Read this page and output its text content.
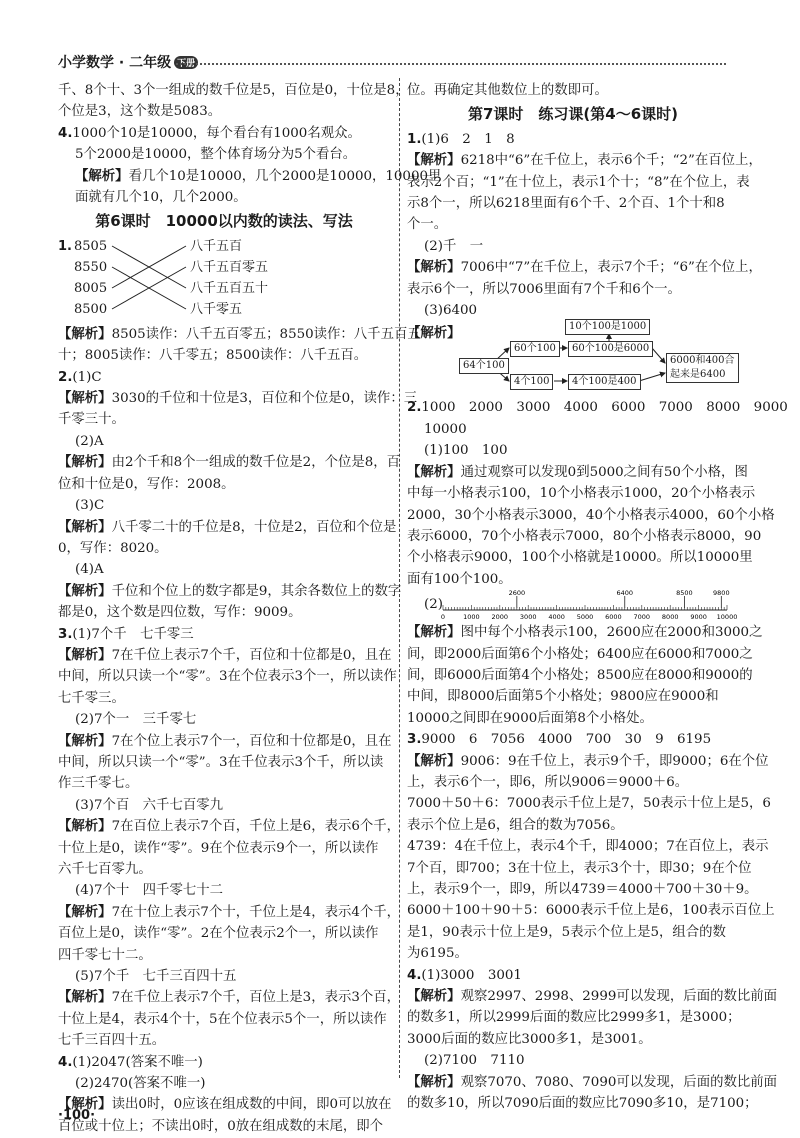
小学数学 · 二年级 下册
千、8个十、3个一组成的数千位是5，百位是0，十位是8，
个位是3，这个数是5083。
4.1000个10是10000，每个看台有1000名观众。
5个2000是10000，整个体育场分为5个看台。
【解析】看几个10是10000，几个2000是10000，10000里
面就有几个10，几个2000。
第6课时　10000以内数的读法、写法
1. 8505
8550
8005
8500
八千五百
八千五百零五
八千五百五十
八千零五
【解析】8505读作：八千五百零五；8550读作：八千五百五
十；8005读作：八千零五；8500读作：八千五百。
2.(1)C
【解析】3030的千位和十位是3，百位和个位是0，读作：三
千零三十。
(2)A
【解析】由2个千和8个一组成的数千位是2，个位是8，百
位和十位是0，写作：2008。
(3)C
【解析】八千零二十的千位是8，十位是2，百位和个位是
0，写作：8020。
(4)A
【解析】千位和个位上的数字都是9，其余各数位上的数字
都是0，这个数是四位数，写作：9009。
3.(1)7个千　七千零三
【解析】7在千位上表示7个千，百位和十位都是0，且在
中间，所以只读一个“零”。3在个位表示3个一，所以读作
七千零三。
(2)7个一　三千零七
【解析】7在个位上表示7个一，百位和十位都是0，且在
中间，所以只读一个“零”。3在千位表示3个千，所以读
作三千零七。
(3)7个百　六千七百零九
【解析】7在百位上表示7个百，千位上是6，表示6个千，
十位上是0，读作“零”。9在个位表示9个一，所以读作
六千七百零九。
(4)7个十　四千零七十二
【解析】7在十位上表示7个十，千位上是4，表示4个千，
百位上是0，读作“零”。2在个位表示2个一，所以读作
四千零七十二。
(5)7个千　七千三百四十五
【解析】7在千位上表示7个千，百位上是3，表示3个百，
十位上是4，表示4个十，5在个位表示5个一，所以读作
七千三百四十五。
4.(1)2047(答案不唯一)
(2)2470(答案不唯一)
【解析】读出0时，0应该在组成数的中间，即0可以放在
百位或十位上；不读出0时，0放在组成数的末尾，即个
位。再确定其他数位上的数即可。
第7课时　练习课(第4～6课时)
1.(1)6　2　1　8
【解析】6218中“6”在千位上，表示6个千；“2”在百位上，
表示2个百；“1”在十位上，表示1个十；“8”在个位上，表
示8个一，所以6218里面有6个千、2个百、1个十和8
个一。
(2)千　一
【解析】7006中“7”在千位上，表示7个千；“6”在个位上，
表示6个一，所以7006里面有7个千和6个一。
(3)6400
【解析】	10个100是1000
60个100	60个100是6000
64个100
4个100	4个100是400
6000和400合
起来是6400
2.1000　2000　3000　4000　6000　7000　8000　9000
10000
(1)100　100
【解析】通过观察可以发现0到5000之间有50个小格，图
中每一小格表示100，10个小格表示1000，20个小格表示
2000，30个小格表示3000，40个小格表示4000，60个小格
表示6000，70个小格表示7000，80个小格表示8000，90
个小格表示9000，100个小格就是10000。所以10000里
面有100个100。
(2)
0	1000 2000 3000 4000 5000 6000 7000 8000 9000 10000
2600	6400	8500	9800
【解析】图中每个小格表示100，2600应在2000和3000之
间，即2000后面第6个小格处；6400应在6000和7000之
间，即6000后面第4个小格处；8500应在8000和9000的
中间，即8000后面第5个小格处；9800应在9000和
10000之间即在9000后面第8个小格处。
3.9000　6　7056　4000　700　30　9　6195
【解析】9006：9在千位上，表示9个千，即9000；6在个位
上，表示6个一，即6，所以9006＝9000＋6。
7000＋50＋6：7000表示千位上是7，50表示十位上是5，6
表示个位上是6，组合的数为7056。
4739：4在千位上，表示4个千，即4000；7在百位上，表示
7个百，即700；3在十位上，表示3个十，即30；9在个位
上，表示9个一，即9，所以4739＝4000＋700＋30＋9。
6000＋100＋90＋5：6000表示千位上是6，100表示百位上
是1，90表示十位上是9，5表示个位上是5，组合的数
为6195。
4.(1)3000　3001
【解析】观察2997、2998、2999可以发现，后面的数比前面
的数多1，所以2999后面的数应比2999多1，是3000；
3000后面的数应比3000多1，是3001。
(2)7100　7110
【解析】观察7070、7080、7090可以发现，后面的数比前面
的数多10，所以7090后面的数应比7090多10，是7100；
·100·
